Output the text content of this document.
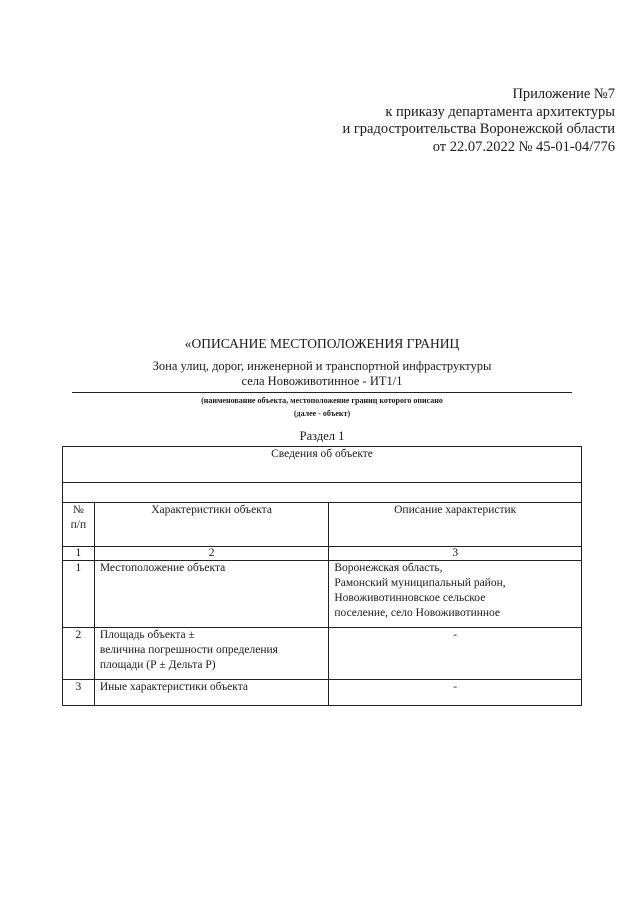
Приложение №7
к приказу департамента архитектуры
и градостроительства Воронежской области
от 22.07.2022 № 45-01-04/776
«ОПИСАНИЕ МЕСТОПОЛОЖЕНИЯ ГРАНИЦ
Зона улиц, дорог, инженерной и транспортной инфраструктуры
села Новоживотинное - ИТ1/1
(наименование объекта, местоположение границ которого описано
(далее - объект)
Раздел 1
Сведения об объекте		

№
п/п	Характеристики объекта	Описание характеристик
1	2	3
1	Местоположение объекта	Воронежская область,
Рамонский муниципальный район,
Новоживотинновское сельское
поселение, село Новоживотинное

2	Площадь объекта ±
величина погрешности определения
площади (Р ± Дельта Р)	-
3	Иные характеристики объекта	-
